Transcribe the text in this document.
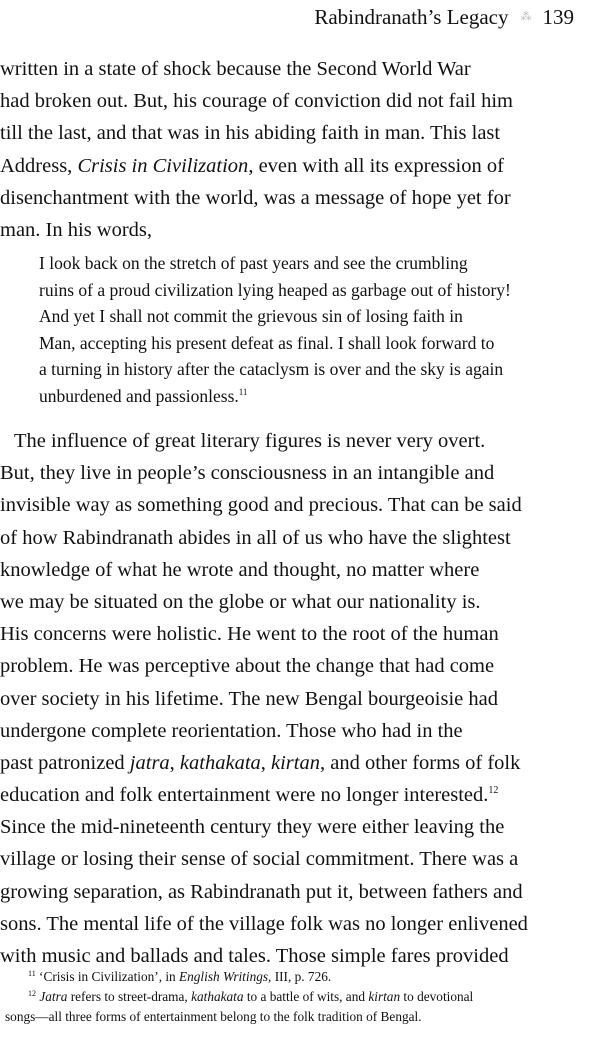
Rabindranath’s Legacy ⁂ 139
written in a state of shock because the Second World War
had broken out. But, his courage of conviction did not fail him
till the last, and that was in his abiding faith in man. This last
Address, Crisis in Civilization, even with all its expression of
disenchantment with the world, was a message of hope yet for
man. In his words,
I look back on the stretch of past years and see the crumbling
ruins of a proud civilization lying heaped as garbage out of history!
And yet I shall not commit the grievous sin of losing faith in
Man, accepting his present defeat as final. I shall look forward to
a turning in history after the cataclysm is over and the sky is again
unburdened and passionless.$^{11}$
The influence of great literary figures is never very overt.
But, they live in people’s consciousness in an intangible and
invisible way as something good and precious. That can be said
of how Rabindranath abides in all of us who have the slightest
knowledge of what he wrote and thought, no matter where
we may be situated on the globe or what our nationality is.
His concerns were holistic. He went to the root of the human
problem. He was perceptive about the change that had come
over society in his lifetime. The new Bengal bourgeoisie had
undergone complete reorientation. Those who had in the
past patronized jatra, kathakata, kirtan, and other forms of folk
education and folk entertainment were no longer interested.$^{12}$
Since the mid-nineteenth century they were either leaving the
village or losing their sense of social commitment. There was a
growing separation, as Rabindranath put it, between fathers and
sons. The mental life of the village folk was no longer enlivened
with music and ballads and tales. Those simple fares provided
$^{11}$ ‘Crisis in Civilization’, in English Writings, III, p. 726.
$^{12}$ Jatra refers to street-drama, kathakata to a battle of wits, and kirtan to devotional
songs—all three forms of entertainment belong to the folk tradition of Bengal.
